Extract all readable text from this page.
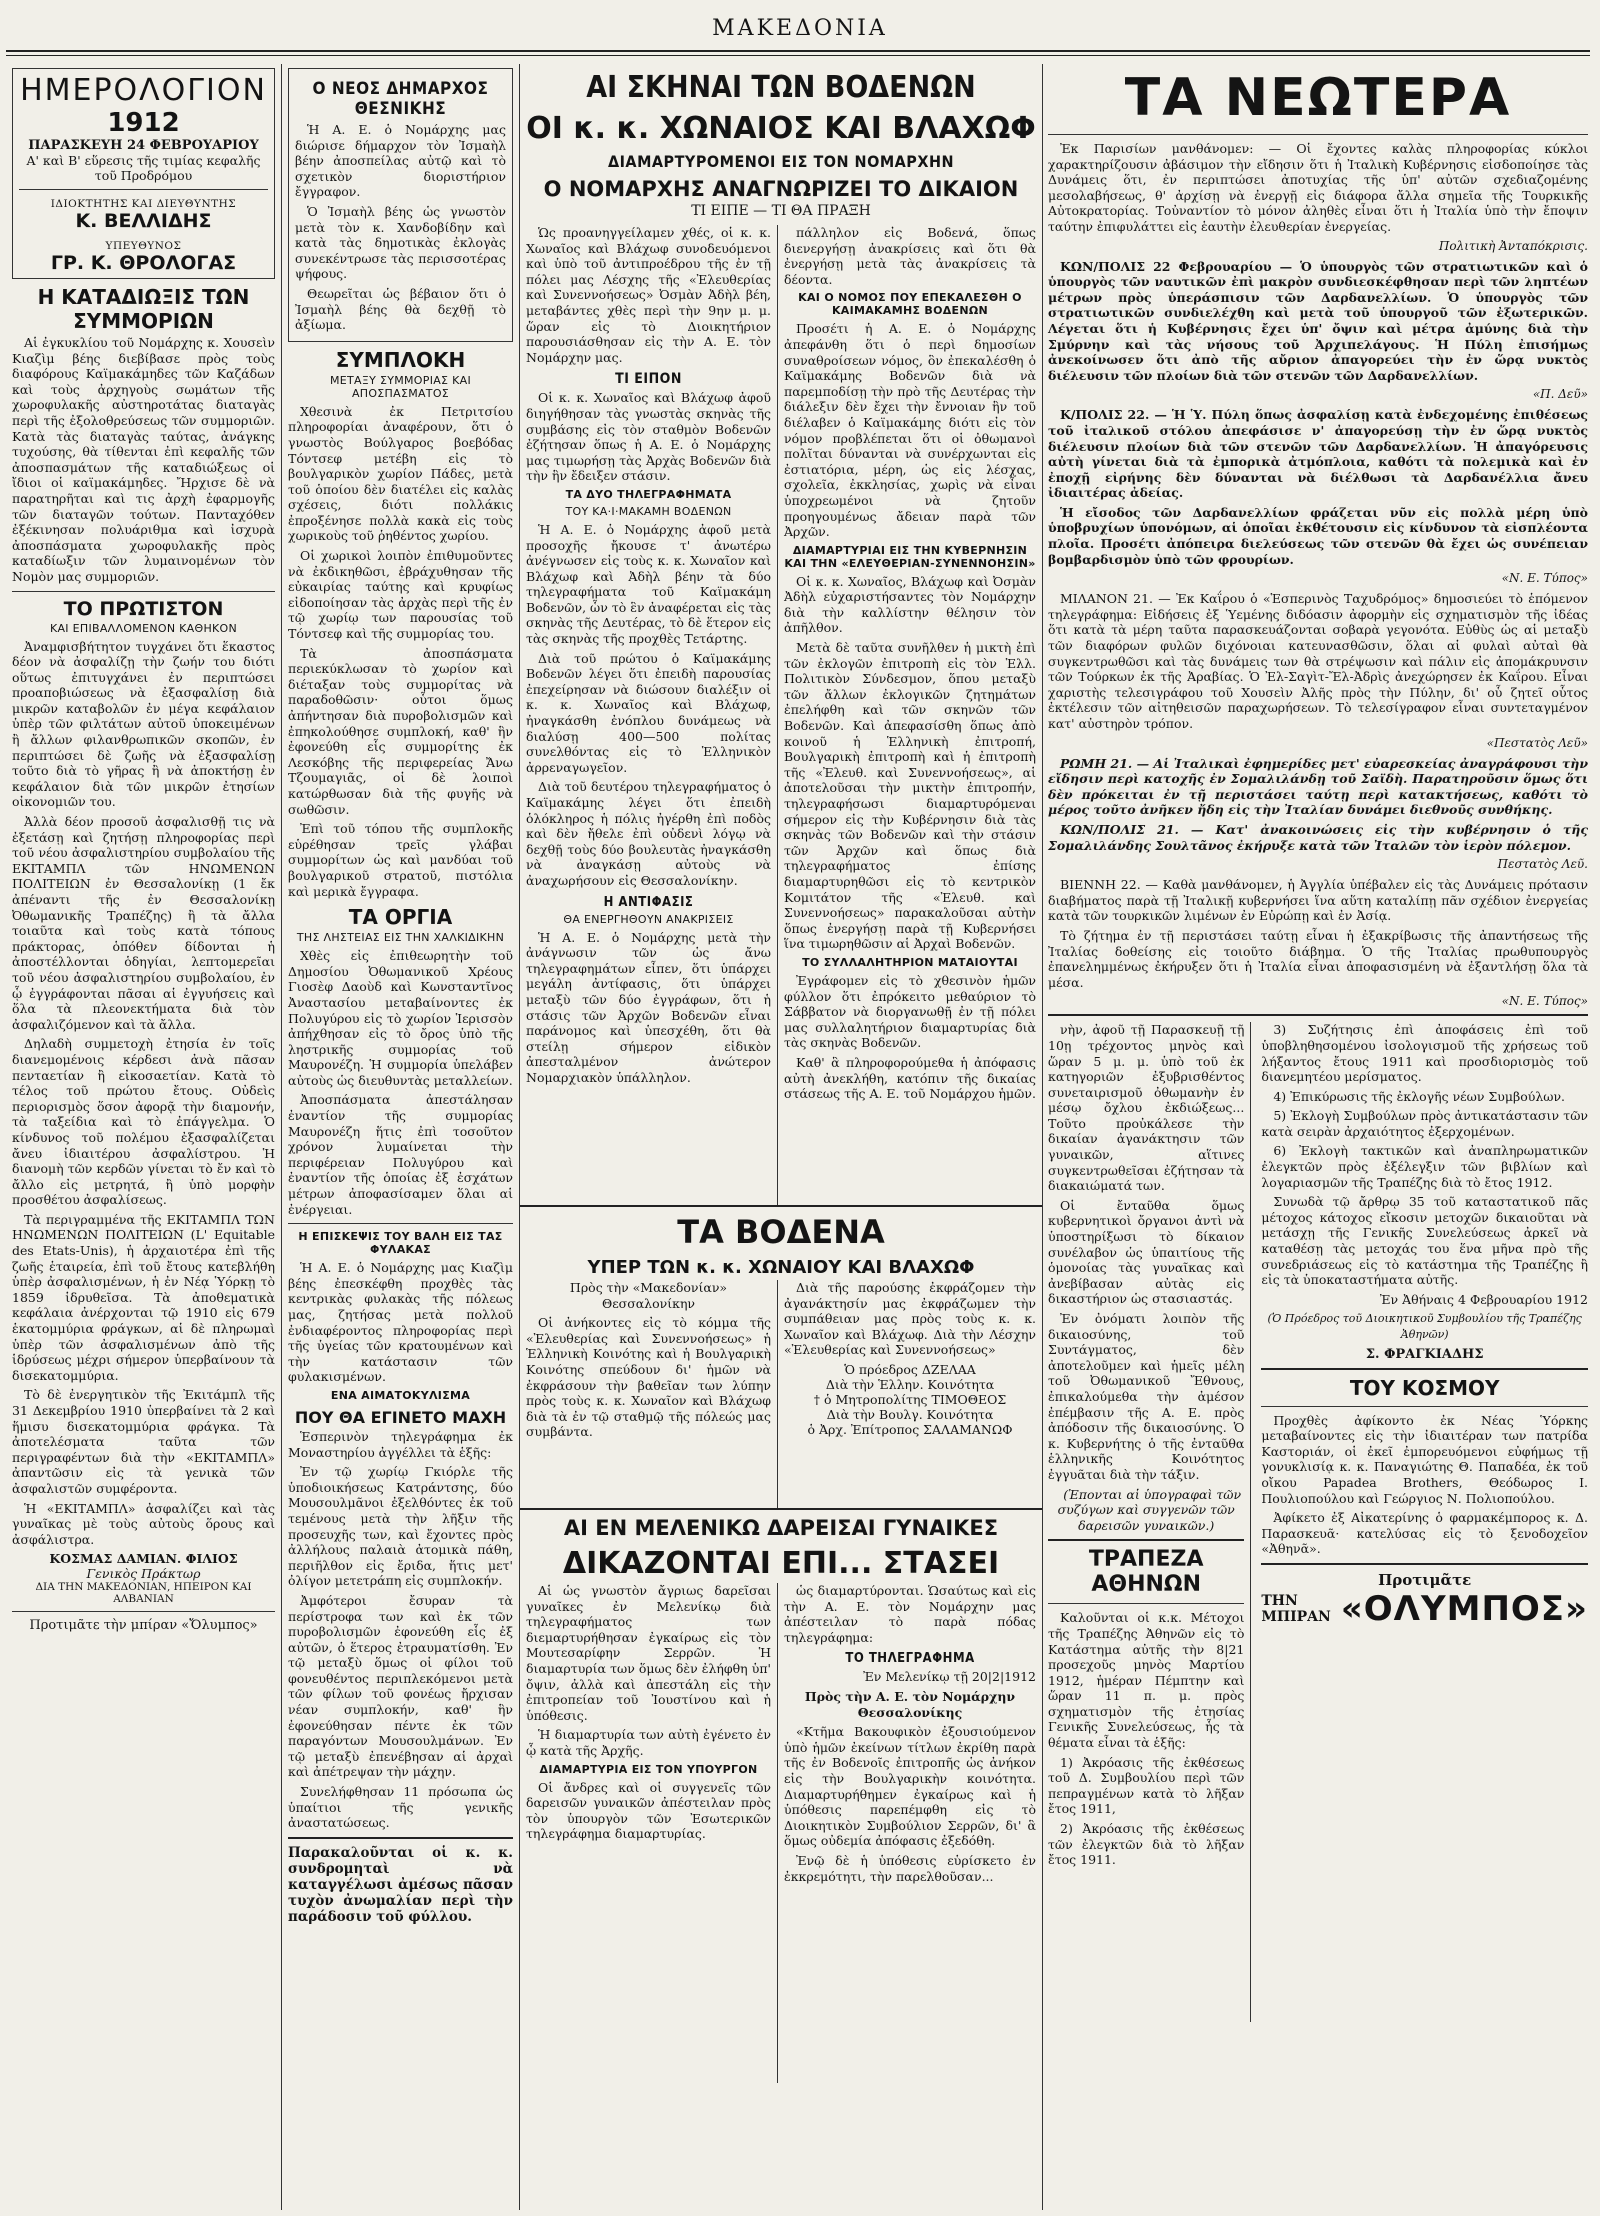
ΜΑΚΕΔΟΝΙΑ
ΗΜΕΡΟΛΟΓΙΟΝ
1912
ΠΑΡΑΣΚΕΥΗ 24 ΦΕΒΡΟΥΑΡΙΟΥ
Α' καὶ Β' εὕρεσις τῆς τιμίας κεφαλῆς τοῦ Προδρόμου
ΙΔΙΟΚΤΗΤΗΣ ΚΑΙ ΔΙΕΥΘΥΝΤΗΣ
Κ. ΒΕΛΛΙΔΗΣ
ΥΠΕΥΘΥΝΟΣ
ΓΡ. Κ. ΘΡΟΛΟΓΑΣ
Η ΚΑΤΑΔΙΩΞΙΣ ΤΩΝ ΣΥΜΜΟΡΙΩΝ

Αἱ ἐγκυκλίου τοῦ Νομάρχης κ. Χουσεὶν Κιαζὶμ βέης διεβίβασε πρὸς τοὺς διαφόρους Καϊμακάμηδες τῶν Καζάδων καὶ τοὺς ἀρχηγοὺς σωμάτων τῆς χωροφυλακῆς αὐστηροτάτας διαταγὰς περὶ τῆς ἐξολοθρεύσεως τῶν συμμοριῶν. Κατὰ τὰς διαταγὰς ταύτας, ἀνάγκης τυχούσης, θὰ τίθενται ἐπὶ κεφαλῆς τῶν ἀποσπασμάτων τῆς καταδιώξεως οἱ ἴδιοι οἱ καϊμακάμηδες. Ἤρχισε δὲ νὰ παρατηρῆται καὶ τις ἀρχὴ ἐφαρμογῆς τῶν διαταγῶν τούτων. Πανταχόθεν ἐξέκινησαν πολυάριθμα καὶ ἰσχυρὰ ἀποσπάσματα χωροφυλακῆς πρὸς καταδίωξιν τῶν λυμαινομένων τὸν Νομὸν μας συμμοριῶν.

ΤΟ ΠΡΩΤΙΣΤΟΝ
ΚΑΙ ΕΠΙΒΑΛΛΟΜΕΝΟΝ ΚΑΘΗΚΟΝ

Ἀναμφισβήτητον τυγχάνει ὅτι ἕκαστος δέον νὰ ἀσφαλίζῃ τὴν ζωήν του διότι οὕτως ἐπιτυγχάνει ἐν περιπτώσει προαποβιώσεως νὰ ἐξασφαλίσῃ διὰ μικρῶν καταβολῶν ἐν μέγα κεφάλαιον ὑπὲρ τῶν φιλτάτων αὐτοῦ ὑποκειμένων ἢ ἄλλων φιλανθρωπικῶν σκοπῶν, ἐν περιπτώσει δὲ ζωῆς νὰ ἐξασφαλίσῃ τοῦτο διὰ τὸ γῆρας ἢ νὰ ἀποκτήσῃ ἐν κεφάλαιον διὰ τῶν μικρῶν ἐτησίων οἰκονομιῶν του.

Ἀλλὰ δέον προσοῦ ἀσφαλισθῇ τις νὰ ἐξετάσῃ καὶ ζητήσῃ πληροφορίας περὶ τοῦ νέου ἀσφαλιστηρίου συμβολαίου τῆς ΕΚΙΤΑΜΠΛ τῶν ΗΝΩΜΕΝΩΝ ΠΟΛΙΤΕΙΩΝ ἐν Θεσσαλονίκῃ (1 ἔκ ἀπέναντι τῆς ἐν Θεσσαλονίκῃ Ὀθωμανικῆς Τραπέζης) ἢ τὰ ἄλλα τοιαῦτα καὶ τοὺς κατὰ τόπους πράκτορας, ὁπόθεν δίδονται ἡ ἀποστέλλονται ὁδηγίαι, λεπτομερεῖαι τοῦ νέου ἀσφαλιστηρίου συμβολαίου, ἐν ᾧ ἐγγράφονται πᾶσαι αἱ ἐγγυήσεις καὶ ὅλα τὰ πλεονεκτήματα διὰ τὸν ἀσφαλιζόμενον καὶ τὰ ἄλλα.

Δηλαδὴ συμμετοχὴ ἐτησία ἐν τοῖς διανεμομένοις κέρδεσι ἀνὰ πᾶσαν πενταετίαν ἢ εἰκοσαετίαν. Κατὰ τὸ τέλος τοῦ πρώτου ἔτους. Οὐδεὶς περιορισμὸς ὅσον ἀφορᾷ τὴν διαμονήν, τὰ ταξείδια καὶ τὸ ἐπάγγελμα. Ὁ κίνδυνος τοῦ πολέμου ἐξασφαλίζεται ἄνευ ἰδιαιτέρου ἀσφαλίστρου. Ἡ διανομὴ τῶν κερδῶν γίνεται τὸ ἔν καὶ τὸ ἄλλο εἰς μετρητά, ἢ ὑπὸ μορφὴν προσθέτου ἀσφαλίσεως.

Τὰ περιγραμμένα τῆς ΕΚΙΤΑΜΠΛ ΤΩΝ ΗΝΩΜΕΝΩΝ ΠΟΛΙΤΕΙΩΝ (L' Equitable des Etats-Unis), ἡ ἀρχαιοτέρα ἐπὶ τῆς ζωῆς ἑταιρεία, ἐπὶ τοῦ ἔτους κατεβλήθη ὑπὲρ ἀσφαλισμένων, ἡ ἐν Νέᾳ Ὑόρκῃ τὸ 1859 ἱδρυθεῖσα. Τὰ ἀποθεματικὰ κεφάλαια ἀνέρχονται τῷ 1910 εἰς 679 ἑκατομμύρια φράγκων, αἱ δὲ πληρωμαὶ ὑπὲρ τῶν ἀσφαλισμένων ἀπὸ τῆς ἱδρύσεως μέχρι σήμερον ὑπερβαίνουν τὰ δισεκατομμύρια.

Τὸ δὲ ἐνεργητικὸν τῆς Ἐκιτάμπλ τῆς 31 Δεκεμβρίου 1910 ὑπερβαίνει τὰ 2 καὶ ἥμισυ δισεκατομμύρια φράγκα. Τὰ ἀποτελέσματα ταῦτα τῶν περιγραφέντων διὰ τὴν «ΕΚΙΤΑΜΠΛ» ἀπαντῶσιν εἰς τὰ γενικὰ τῶν ἀσφαλιστῶν συμφέροντα.

Ἡ «ΕΚΙΤΑΜΠΛ» ἀσφαλίζει καὶ τὰς γυναῖκας μὲ τοὺς αὐτοὺς ὅρους καὶ ἀσφάλιστρα.

ΚΟΣΜΑΣ ΔΑΜΙΑΝ. ΦΙΛΙΟΣ
Γενικὸς Πράκτωρ
ΔΙΑ ΤΗΝ ΜΑΚΕΔΟΝΙΑΝ, ΗΠΕΙΡΟΝ ΚΑΙ ΑΛΒΑΝΙΑΝ
Προτιμᾶτε τὴν μπίραν «Ὄλυμπος»
Ο ΝΕΟΣ ΔΗΜΑΡΧΟΣ ΘΕΣΝΙΚΗΣ

Ἡ Α. Ε. ὁ Νομάρχης μας διώρισε δήμαρχον τὸν Ἰσμαὴλ βέην ἀποσπείλας αὐτῷ καὶ τὸ σχετικὸν διοριστήριον ἔγγραφον.

Ὁ Ἰσμαὴλ βέης ὡς γνωστὸν μετὰ τὸν κ. Χανδοβίδην καὶ κατὰ τὰς δημοτικὰς ἐκλογὰς συνεκέντρωσε τὰς περισσοτέρας ψήφους.

Θεωρεῖται ὡς βέβαιον ὅτι ὁ Ἰσμαὴλ βέης θὰ δεχθῇ τὸ ἀξίωμα.

ΣΥΜΠΛΟΚΗ
ΜΕΤΑΞΥ ΣΥΜΜΟΡΙΑΣ ΚΑΙ ΑΠΟΣΠΑΣΜΑΤΟΣ

Χθεσινὰ ἐκ Πετριτσίου πληροφορίαι ἀναφέρουν, ὅτι ὁ γνωστὸς Βούλγαρος βοεβόδας Τόντσεφ μετέβη εἰς τὸ βουλγαρικὸν χωρίον Πάδες, μετὰ τοῦ ὁποίου δὲν διατέλει εἰς καλὰς σχέσεις, διότι πολλάκις ἐπροξένησε πολλὰ κακὰ εἰς τοὺς χωρικοὺς τοῦ ῥηθέντος χωρίου.

Οἱ χωρικοὶ λοιπὸν ἐπιθυμοῦντες νὰ ἐκδικηθῶσι, ἐβράχυθησαν τῆς εὐκαιρίας ταύτης καὶ κρυφίως εἰδοποίησαν τὰς ἀρχὰς περὶ τῆς ἐν τῷ χωρίῳ των παρουσίας τοῦ Τόντσεφ καὶ τῆς συμμορίας του.

Τὰ ἀποσπάσματα περιεκύκλωσαν τὸ χωρίον καὶ διέταξαν τοὺς συμμορίτας νὰ παραδοθῶσιν· οὗτοι ὅμως ἀπήντησαν διὰ πυροβολισμῶν καὶ ἐπηκολούθησε συμπλοκή, καθ' ἣν ἐφονεύθη εἷς συμμορίτης ἐκ Λεσκόβης τῆς περιφερείας Ἄνω Τζουμαγιᾶς, οἱ δὲ λοιποὶ κατώρθωσαν διὰ τῆς φυγῆς νὰ σωθῶσιν.

Ἐπὶ τοῦ τόπου τῆς συμπλοκῆς εὑρέθησαν τρεῖς γλάβαι συμμορίτων ὡς καὶ μανδύαι τοῦ βουλγαρικοῦ στρατοῦ, πιστόλια καὶ μερικὰ ἔγγραφα.

ΤΑ ΟΡΓΙΑ
ΤΗΣ ΛΗΣΤΕΙΑΣ ΕΙΣ ΤΗΝ ΧΑΛΚΙΔΙΚΗΝ

Χθὲς εἰς ἐπιθεωρητὴν τοῦ Δημοσίου Ὀθωμανικοῦ Χρέους Γιοσὲφ Δαοὺδ καὶ Κωνσταντῖνος Ἀναστασίου μεταβαίνοντες ἐκ Πολυγύρου εἰς τὸ χωρίον Ἱερισσὸν ἀπήχθησαν εἰς τὸ ὄρος ὑπὸ τῆς ληστρικῆς συμμορίας τοῦ Μαυρονέζη. Ἡ συμμορία ὑπελάβεν αὐτοὺς ὡς διευθυντὰς μεταλλείων.

Ἀποσπάσματα ἀπεστάλησαν ἐναντίον τῆς συμμορίας Μαυρονέζη ἥτις ἐπὶ τοσοῦτον χρόνον λυμαίνεται τὴν περιφέρειαν Πολυγύρου καὶ ἐναντίον τῆς ὁποίας ἐξ ἐσχάτων μέτρων ἀποφασίσαμεν ὅλαι αἱ ἐνέργειαι.

Η ΕΠΙΣΚΕΨΙΣ ΤΟΥ ΒΑΛΗ ΕΙΣ ΤΑΣ ΦΥΛΑΚΑΣ

Ἡ Α. Ε. ὁ Νομάρχης μας Κιαζὶμ βέης ἐπεσκέφθη προχθὲς τὰς κεντρικὰς φυλακὰς τῆς πόλεως μας, ζητήσας μετὰ πολλοῦ ἐνδιαφέροντος πληροφορίας περὶ τῆς ὑγείας τῶν κρατουμένων καὶ τὴν κατάστασιν τῶν φυλακισμένων.

ΕΝΑ ΑΙΜΑΤΟΚΥΛΙΣΜΑ
ΠΟΥ ΘΑ ΕΓΙΝΕΤΟ ΜΑΧΗ

Ἑσπερινὸν τηλεγράφημα ἐκ Μοναστηρίου ἀγγέλλει τὰ ἑξῆς:

Ἐν τῷ χωρίῳ Γκιόρλε τῆς ὑποδιοικήσεως Κατράντσης, δύο Μουσουλμᾶνοι ἐξελθόντες ἐκ τοῦ τεμένους μετὰ τὴν λῆξιν τῆς προσευχῆς των, καὶ ἔχοντες πρὸς ἀλλήλους παλαιὰ ἀτομικὰ πάθη, περιῆλθον εἰς ἔριδα, ἥτις μετ' ὀλίγον μετετράπη εἰς συμπλοκήν.

Ἀμφότεροι ἔσυραν τὰ περίστροφα των καὶ ἐκ τῶν πυροβολισμῶν ἐφονεύθη εἷς ἐξ αὐτῶν, ὁ ἕτερος ἐτραυματίσθη. Ἐν τῷ μεταξὺ ὅμως οἱ φίλοι τοῦ φονευθέντος περιπλεκόμενοι μετὰ τῶν φίλων τοῦ φονέως ἤρχισαν νέαν συμπλοκήν, καθ' ἣν ἐφονεύθησαν πέντε ἐκ τῶν παραγόντων Μουσουλμάνων. Ἐν τῷ μεταξὺ ἐπενέβησαν αἱ ἀρχαὶ καὶ ἀπέτρεψαν τὴν μάχην.

Συνελήφθησαν 11 πρόσωπα ὡς ὑπαίτιοι τῆς γενικῆς ἀναστατώσεως.

Παρακαλοῦνται οἱ κ. κ. συνδρομηταὶ νὰ καταγγέλωσι ἀμέσως πᾶσαν τυχὸν ἀνωμαλίαν περὶ τὴν παράδοσιν τοῦ φύλλου.

ΑΙ ΣΚΗΝΑΙ ΤΩΝ ΒΟΔΕΝΩΝ
ΟΙ κ. κ. ΧΩΝΑΙΟΣ ΚΑΙ ΒΛΑΧΩΦ
ΔΙΑΜΑΡΤΥΡΟΜΕΝΟΙ ΕΙΣ ΤΟΝ ΝΟΜΑΡΧΗΝ
Ο ΝΟΜΑΡΧΗΣ ΑΝΑΓΝΩΡΙΖΕΙ ΤΟ ΔΙΚΑΙΟΝ
ΤΙ ΕΙΠΕ — ΤΙ ΘΑ ΠΡΑΞΗ

Ὡς προανηγγείλαμεν χθές, οἱ κ. κ. Χωναῖος καὶ Βλάχωφ συνοδευόμενοι καὶ ὑπὸ τοῦ ἀντιπροέδρου τῆς ἐν τῇ πόλει μας Λέσχης τῆς «Ἐλευθερίας καὶ Συνεννοήσεως» Ὀσμὰν Ἀδὴλ βέη, μεταβάντες χθὲς περὶ τὴν 9ην μ. μ. ὥραν εἰς τὸ Διοικητήριον παρουσιάσθησαν εἰς τὴν Α. Ε. τὸν Νομάρχην μας.

ΤΙ ΕΙΠΟΝ

Οἱ κ. κ. Χωναῖος καὶ Βλάχωφ ἀφοῦ διηγήθησαν τὰς γνωστὰς σκηνὰς τῆς συμβάσης εἰς τὸν σταθμὸν Βοδενῶν ἐζήτησαν ὅπως ἡ Α. Ε. ὁ Νομάρχης μας τιμωρήσῃ τὰς Ἀρχὰς Βοδενῶν διὰ τὴν ἣν ἔδειξεν στάσιν.

ΤΑ ΔΥΟ ΤΗΛΕΓΡΑΦΗΜΑΤΑ
ΤΟΥ ΚΑ·Ι·ΜΑΚΑΜΗ ΒΟΔΕΝΩΝ

Ἡ Α. Ε. ὁ Νομάρχης ἀφοῦ μετὰ προσοχῆς ἤκουσε τ' ἀνωτέρω ἀνέγνωσεν εἰς τοὺς κ. κ. Χωναῖον καὶ Βλάχωφ καὶ Ἀδὴλ βέην τὰ δύο τηλεγραφήματα τοῦ Καϊμακάμη Βοδενῶν, ὧν τὸ ἓν ἀναφέρεται εἰς τὰς σκηνὰς τῆς Δευτέρας, τὸ δὲ ἕτερον εἰς τὰς σκηνὰς τῆς προχθὲς Τετάρτης.

Διὰ τοῦ πρώτου ὁ Καϊμακάμης Βοδενῶν λέγει ὅτι ἐπειδὴ παρουσίας ἐπεχείρησαν νὰ διώσουν διαλέξιν οἱ κ. κ. Χωναῖος καὶ Βλάχωφ, ἠναγκάσθη ἐνόπλου δυνάμεως νὰ διαλύσῃ 400—500 πολίτας συνελθόντας εἰς τὸ Ἑλληνικὸν ἀρρεναγωγεῖον.

Διὰ τοῦ δευτέρου τηλεγραφήματος ὁ Καϊμακάμης λέγει ὅτι ἐπειδὴ ὁλόκληρος ἡ πόλις ἠγέρθη ἐπὶ ποδὸς καὶ δὲν ἤθελε ἐπὶ οὐδενὶ λόγῳ νὰ δεχθῇ τοὺς δύο βουλευτὰς ἠναγκάσθη νὰ ἀναγκάσῃ αὐτοὺς νὰ ἀναχωρήσουν εἰς Θεσσαλονίκην.

Η ΑΝΤΙΦΑΣΙΣ
ΘΑ ΕΝΕΡΓΗΘΟΥΝ ΑΝΑΚΡΙΣΕΙΣ

Ἡ Α. Ε. ὁ Νομάρχης μετὰ τὴν ἀνάγνωσιν τῶν ὡς ἄνω τηλεγραφημάτων εἶπεν, ὅτι ὑπάρχει μεγάλη ἀντίφασις, ὅτι ὑπάρχει μεταξὺ τῶν δύο ἐγγράφων, ὅτι ἡ στάσις τῶν Ἀρχῶν Βοδενῶν εἶναι παράνομος καὶ ὑπεσχέθη, ὅτι θὰ στείλῃ σήμερον εἰδικὸν ἀπεσταλμένον ἀνώτερον Νομαρχιακὸν ὑπάλληλον.

πάλληλον εἰς Βοδενά, ὅπως διενεργήσῃ ἀνακρίσεις καὶ ὅτι θὰ ἐνεργήσῃ μετὰ τὰς ἀνακρίσεις τὰ δέοντα.

ΚΑΙ Ο ΝΟΜΟΣ ΠΟΥ ΕΠΕΚΑΛΕΣΘΗ Ο ΚΑΙΜΑΚΑΜΗΣ ΒΟΔΕΝΩΝ

Προσέτι ἡ Α. Ε. ὁ Νομάρχης ἀπεφάνθη ὅτι ὁ περὶ δημοσίων συναθροίσεων νόμος, ὃν ἐπεκαλέσθη ὁ Καϊμακάμης Βοδενῶν διὰ νὰ παρεμποδίσῃ τὴν πρὸ τῆς Δευτέρας τὴν διάλεξιν δὲν ἔχει τὴν ἔννοιαν ἣν τοῦ διέλαβεν ὁ Καϊμακάμης διότι εἰς τὸν νόμον προβλέπεται ὅτι οἱ ὀθωμανοὶ πολῖται δύνανται νὰ συνέρχωνται εἰς ἐστιατόρια, μέρη, ὡς εἰς λέσχας, σχολεῖα, ἐκκλησίας, χωρὶς νὰ εἶναι ὑποχρεωμένοι νὰ ζητοῦν προηγουμένως ἄδειαν παρὰ τῶν Ἀρχῶν.

ΔΙΑΜΑΡΤΥΡΙΑΙ ΕΙΣ ΤΗΝ ΚΥΒΕΡΝΗΣΙΝ ΚΑΙ ΤΗΝ «ΕΛΕΥΘΕΡΙΑΝ-ΣΥΝΕΝΝΟΗΣΙΝ»

Οἱ κ. κ. Χωναῖος, Βλάχωφ καὶ Ὀσμὰν Ἀδὴλ εὐχαριστήσαντες τὸν Νομάρχην διὰ τὴν καλλίστην θέλησιν τὸν ἀπῆλθον.

Μετὰ δὲ ταῦτα συνῆλθεν ἡ μικτὴ ἐπὶ τῶν ἐκλογῶν ἐπιτροπὴ εἰς τὸν Ἑλλ. Πολιτικὸν Σύνδεσμον, ὅπου μεταξὺ τῶν ἄλλων ἐκλογικῶν ζητημάτων ἐπελήφθη καὶ τῶν σκηνῶν τῶν Βοδενῶν. Καὶ ἀπεφασίσθη ὅπως ἀπὸ κοινοῦ ἡ Ἑλληνικὴ ἐπιτροπή, Βουλγαρικὴ ἐπιτροπὴ καὶ ἡ ἐπιτροπὴ τῆς «Ἐλευθ. καὶ Συνεννοήσεως», αἱ ἀποτελοῦσαι τὴν μικτὴν ἐπιτροπήν, τηλεγραφήσωσι διαμαρτυρόμεναι σήμερον εἰς τὴν Κυβέρνησιν διὰ τὰς σκηνὰς τῶν Βοδενῶν καὶ τὴν στάσιν τῶν Ἀρχῶν καὶ ὅπως διὰ τηλεγραφήματος ἐπίσης διαμαρτυρηθῶσι εἰς τὸ κεντρικὸν Κομιτάτον τῆς «Ἐλευθ. καὶ Συνεννοήσεως» παρακαλοῦσαι αὐτὴν ὅπως ἐνεργήσῃ παρὰ τῇ Κυβερνήσει ἵνα τιμωρηθῶσιν αἱ Ἀρχαὶ Βοδενῶν.

ΤΟ ΣΥΛΛΑΛΗΤΗΡΙΟΝ ΜΑΤΑΙΟΥΤΑΙ

Ἐγράφομεν εἰς τὸ χθεσινὸν ἡμῶν φύλλον ὅτι ἐπρόκειτο μεθαύριον τὸ Σάββατον νὰ διοργανωθῇ ἐν τῇ πόλει μας συλλαλητήριον διαμαρτυρίας διὰ τὰς σκηνὰς Βοδενῶν.

Καθ' ἃ πληροφορούμεθα ἡ ἀπόφασις αὐτὴ ἀνεκλήθη, κατόπιν τῆς δικαίας στάσεως τῆς Α. Ε. τοῦ Νομάρχου ἡμῶν.

ΤΑ ΒΟΔΕΝΑ
ΥΠΕΡ ΤΩΝ κ. κ. ΧΩΝΑΙΟΥ ΚΑΙ ΒΛΑΧΩΦ

Πρὸς τὴν «Μακεδονίαν» Θεσσαλονίκην

Οἱ ἀνήκοντες εἰς τὸ κόμμα τῆς «Ἐλευθερίας καὶ Συνεννοήσεως» ἡ Ἑλληνικὴ Κοινότης καὶ ἡ Βουλγαρικὴ Κοινότης σπεύδουν δι' ἡμῶν νὰ ἐκφράσουν τὴν βαθεῖαν των λύπην πρὸς τοὺς κ. κ. Χωναῖον καὶ Βλάχωφ διὰ τὰ ἐν τῷ σταθμῷ τῆς πόλεώς μας συμβάντα.

Διὰ τῆς παρούσης ἐκφράζομεν τὴν ἀγανάκτησίν μας ἐκφράζωμεν τὴν συμπάθειαν μας πρὸς τοὺς κ. κ. Χωναῖον καὶ Βλάχωφ. Διὰ τὴν Λέσχην «Ἐλευθερίας καὶ Συνεννοήσεως»

Ὁ πρόεδρος ΔΖΕΛΑΑ
Διὰ τὴν Ἑλλην. Κοινότητα
† ὁ Μητροπολίτης ΤΙΜΟΘΕΟΣ
Διὰ τὴν Βουλγ. Κοινότητα
ὁ Ἀρχ. Ἐπίτροπος ΣΑΛΑΜΑΝΩΦ
ΑΙ ΕΝ ΜΕΛΕΝΙΚΩ ΔΑΡΕΙΣΑΙ ΓΥΝΑΙΚΕΣ
ΔΙΚΑΖΟΝΤΑΙ ΕΠΙ... ΣΤΑΣΕΙ

Αἱ ὡς γνωστὸν ἄγριως δαρεῖσαι γυναῖκες ἐν Μελενίκῳ διὰ τηλεγραφήματος των διεμαρτυρήθησαν ἐγκαίρως εἰς τὸν Μουτεσαρίφην Σερρῶν. Ἡ διαμαρτυρία των ὅμως δὲν ἐλήφθη ὑπ' ὄψιν, ἀλλὰ καὶ ἀπεστάλη εἰς τὴν ἐπιτροπείαν τοῦ Ἰουστίνου καὶ ἡ ὑπόθεσις.

Ἡ διαμαρτυρία των αὐτὴ ἐγένετο ἐν ᾧ κατὰ τῆς Ἀρχῆς.

ΔΙΑΜΑΡΤΥΡΙΑ ΕΙΣ ΤΟΝ ΥΠΟΥΡΓΟΝ

Οἱ ἄνδρες καὶ οἱ συγγενεῖς τῶν δαρεισῶν γυναικῶν ἀπέστειλαν πρὸς τὸν ὑπουργὸν τῶν Ἐσωτερικῶν τηλεγράφημα διαμαρτυρίας.

ὡς διαμαρτύρονται. Ὡσαύτως καὶ εἰς τὴν Α. Ε. τὸν Νομάρχην μας ἀπέστειλαν τὸ παρὰ πόδας τηλεγράφημα:

ΤΟ ΤΗΛΕΓΡΑΦΗΜΑ

Ἐν Μελενίκῳ τῇ 20|2|1912

Πρὸς τὴν Α. Ε. τὸν Νομάρχην Θεσσαλονίκης

«Κτῆμα Βακουφικὸν ἐξουσιούμενον ὑπὸ ἡμῶν ἐκείνων τίτλων ἐκρίθη παρὰ τῆς ἐν Βοδενοῖς ἐπιτροπῆς ὡς ἀνήκον εἰς τὴν Βουλγαρικὴν κοινότητα. Διαμαρτυρήθημεν ἐγκαίρως καὶ ἡ ὑπόθεσις παρεπέμφθη εἰς τὸ Διοικητικὸν Συμβούλιον Σερρῶν, δι' ἃ ὅμως οὐδεμία ἀπόφασις ἐξεδόθη.

Ἐνῷ δὲ ἡ ὑπόθεσις εὑρίσκετο ἐν ἐκκρεμότητι, τὴν παρελθοῦσαν...

ΤΑ ΝΕΩΤΕΡΑ

Ἐκ Παρισίων μανθάνομεν: — Οἱ ἔχοντες καλὰς πληροφορίας κύκλοι χαρακτηρίζουσιν ἀβάσιμον τὴν εἴδησιν ὅτι ἡ Ἰταλικὴ Κυβέρνησις εἰσδοποίησε τὰς Δυνάμεις ὅτι, ἐν περιπτώσει ἀποτυχίας τῆς ὑπ' αὐτῶν σχεδιαζομένης μεσολαβήσεως, θ' ἀρχίσῃ νὰ ἐνεργῇ εἰς διάφορα ἄλλα σημεῖα τῆς Τουρκικῆς Αὐτοκρατορίας. Τοὐναντίον τὸ μόνον ἀληθὲς εἶναι ὅτι ἡ Ἰταλία ὑπὸ τὴν ἔποψιν ταύτην ἐπιφυλάττει εἰς ἑαυτὴν ἐλευθερίαν ἐνεργείας.

Πολιτικὴ Ἀνταπόκρισις.

ΚΩΝ/ΠΟΛΙΣ 22 Φεβρουαρίου — Ὁ ὑπουργὸς τῶν στρατιωτικῶν καὶ ὁ ὑπουργὸς τῶν ναυτικῶν ἐπὶ μακρὸν συνδιεσκέφθησαν περὶ τῶν ληπτέων μέτρων πρὸς ὑπεράσπισιν τῶν Δαρδανελλίων. Ὁ ὑπουργὸς τῶν στρατιωτικῶν συνδιελέχθη καὶ μετὰ τοῦ ὑπουργοῦ τῶν ἐξωτερικῶν. Λέγεται ὅτι ἡ Κυβέρνησις ἔχει ὑπ' ὄψιν καὶ μέτρα ἀμύνης διὰ τὴν Σμύρνην καὶ τὰς νήσους τοῦ Ἀρχιπελάγους. Ἡ Πύλη ἐπισήμως ἀνεκοίνωσεν ὅτι ἀπὸ τῆς αὔριον ἀπαγορεύει τὴν ἐν ὥρᾳ νυκτὸς διέλευσιν τῶν πλοίων διὰ τῶν στενῶν τῶν Δαρδανελλίων.

«Π. Δεῦ»

Κ/ΠΟΛΙΣ 22. — Ἡ Ὑ. Πύλη ὅπως ἀσφαλίσῃ κατὰ ἐνδεχομένης ἐπιθέσεως τοῦ ἰταλικοῦ στόλου ἀπεφάσισε ν' ἀπαγορεύσῃ τὴν ἐν ὥρᾳ νυκτὸς διέλευσιν πλοίων διὰ τῶν στενῶν τῶν Δαρδανελλίων. Ἡ ἀπαγόρευσις αὐτὴ γίνεται διὰ τὰ ἐμπορικὰ ἀτμόπλοια, καθότι τὰ πολεμικὰ καὶ ἐν ἐποχῇ εἰρήνης δὲν δύνανται νὰ διέλθωσι τὰ Δαρδανέλλια ἄνευ ἰδιαιτέρας ἀδείας.

Ἡ εἴσοδος τῶν Δαρδανελλίων φράζεται νῦν εἰς πολλὰ μέρη ὑπὸ ὑποβρυχίων ὑπονόμων, αἱ ὁποῖαι ἐκθέτουσιν εἰς κίνδυνον τὰ εἰσπλέοντα πλοῖα. Προσέτι ἀπόπειρα διελεύσεως τῶν στενῶν θὰ ἔχει ὡς συνέπειαν βομβαρδισμὸν ὑπὸ τῶν φρουρίων.

«Ν. Ε. Τύπος»

ΜΙΛΑΝΟΝ 21. — Ἐκ Καΐρου ὁ «Ἑσπερινὸς Ταχυδρόμος» δημοσιεύει τὸ ἑπόμενον τηλεγράφημα: Εἰδήσεις ἐξ Ὑεμένης διδόασιν ἀφορμὴν εἰς σχηματισμὸν τῆς ἰδέας ὅτι κατὰ τὰ μέρη ταῦτα παρασκευάζονται σοβαρὰ γεγονότα. Εὐθὺς ὡς αἱ μεταξὺ τῶν διαφόρων φυλῶν διχόνοιαι κατευνασθῶσιν, ὅλαι αἱ φυλαὶ αὐταὶ θὰ συγκεντρωθῶσι καὶ τὰς δυνάμεις των θὰ στρέψωσιν καὶ πάλιν εἰς ἀπομάκρυνσιν τῶν Τούρκων ἐκ τῆς Ἀραβίας. Ὁ Ἐλ-Σαγὶτ-Ἔλ-Ἀδρὶς ἀνεχώρησεν ἐκ Καΐρου. Εἶναι χαριστὴς τελεσιγράφου τοῦ Χουσεὶν Ἀλῆς πρὸς τὴν Πύλην, δι' οὗ ζητεῖ οὗτος ἐκτέλεσιν τῶν αἰτηθεισῶν παραχωρήσεων. Τὸ τελεσίγραφον εἶναι συντεταγμένον κατ' αὐστηρὸν τρόπον.

«Πεστατὸς Λεῦ»

ΡΩΜΗ 21. — Αἱ Ἰταλικαὶ ἐφημερίδες μετ' εὐαρεσκείας ἀναγράφουσι τὴν εἴδησιν περὶ κατοχῆς ἐν Σομαλιλάνδῃ τοῦ Σαϊδὴ. Παρατηροῦσιν ὅμως ὅτι δὲν πρόκειται ἐν τῇ περιστάσει ταύτῃ περὶ κατακτήσεως, καθότι τὸ μέρος τοῦτο ἀνῆκεν ἤδη εἰς τὴν Ἰταλίαν δυνάμει διεθνοῦς συνθήκης.

ΚΩΝ/ΠΟΛΙΣ 21. — Κατ' ἀνακοινώσεις εἰς τὴν κυβέρνησιν ὁ τῆς Σομαλιλάνδης Σουλτᾶνος ἐκήρυξε κατὰ τῶν Ἰταλῶν τὸν ἱερὸν πόλεμον.

Πεστατὸς Λεῦ.

ΒΙΕΝΝΗ 22. — Καθὰ μανθάνομεν, ἡ Ἀγγλία ὑπέβαλεν εἰς τὰς Δυνάμεις πρότασιν διαβήματος παρὰ τῇ Ἰταλικῇ κυβερνήσει ἵνα αὕτη καταλίπῃ πᾶν σχέδιον ἐνεργείας κατὰ τῶν τουρκικῶν λιμένων ἐν Εὐρώπῃ καὶ ἐν Ἀσίᾳ.

Τὸ ζήτημα ἐν τῇ περιστάσει ταύτῃ εἶναι ἡ ἐξακρίβωσις τῆς ἀπαντήσεως τῆς Ἰταλίας δοθείσης εἰς τοιοῦτο διάβημα. Ὁ τῆς Ἰταλίας πρωθυπουργὸς ἐπανελημμένως ἐκήρυξεν ὅτι ἡ Ἰταλία εἶναι ἀποφασισμένη νὰ ἐξαντλήσῃ ὅλα τὰ μέσα.

«Ν. Ε. Τύπος»

νὴν, ἀφοῦ τῇ Παρασκευῇ τῇ 10ῃ τρέχοντος μηνὸς καὶ ὥραν 5 μ. μ. ὑπὸ τοῦ ἐκ κατηγοριῶν ἐξυβρισθέντος συνεταιρισμοῦ ὀθωμανὴν ἐν μέσῳ ὄχλου ἐκδιώξεως... Τοῦτο προὐκάλεσε τὴν δικαίαν ἀγανάκτησιν τῶν γυναικῶν, αἵτινες συγκεντρωθεῖσαι ἐζήτησαν τὰ διακαιώματά των.

Οἱ ἔνταῦθα ὅμως κυβερνητικοὶ ὄργανοι ἀντὶ νὰ ὑποστηρίξωσι τὸ δίκαιον συνέλαβον ὡς ὑπαιτίους τῆς ὁμονοίας τὰς γυναῖκας καὶ ἀνεβίβασαν αὐτὰς εἰς δικαστήριον ὡς στασιαστάς.

Ἐν ὀνόματι λοιπὸν τῆς δικαιοσύνης, τοῦ Συντάγματος, δὲν ἀποτελοῦμεν καὶ ἡμεῖς μέλη τοῦ Ὀθωμανικοῦ Ἔθνους, ἐπικαλούμεθα τὴν ἀμέσον ἐπέμβασιν τῆς Α. Ε. πρὸς ἀπόδοσιν τῆς δικαιοσύνης. Ὁ κ. Κυβερνήτης ὁ τῆς ἐνταῦθα ἑλληνικῆς Κοινότητος ἐγγυᾶται διὰ τὴν τάξιν.

(Ἐπονται αἱ ὑπογραφαὶ τῶν συζύγων καὶ συγγενῶν τῶν δαρεισῶν γυναικῶν.)

ΤΡΑΠΕΖΑ ΑΘΗΝΩΝ

Καλοῦνται οἱ κ.κ. Μέτοχοι τῆς Τραπέζης Ἀθηνῶν εἰς τὸ Κατάστημα αὐτῆς τὴν 8|21 προσεχοῦς μηνὸς Μαρτίου 1912, ἡμέραν Πέμπτην καὶ ὥραν 11 π. μ. πρὸς σχηματισμὸν τῆς ἐτησίας Γενικῆς Συνελεύσεως, ἧς τὰ θέματα εἶναι τὰ ἑξῆς:

1) Ἀκρόασις τῆς ἐκθέσεως τοῦ Δ. Συμβουλίου περὶ τῶν πεπραγμένων κατὰ τὸ λῆξαν ἔτος 1911,

2) Ἀκρόασις τῆς ἐκθέσεως τῶν ἐλεγκτῶν διὰ τὸ λῆξαν ἔτος 1911.

3) Συζήτησις ἐπὶ ἀποφάσεις ἐπὶ τοῦ ὑποβληθησομένου ἰσολογισμοῦ τῆς χρήσεως τοῦ λήξαντος ἔτους 1911 καὶ προσδιορισμὸς τοῦ διανεμητέου μερίσματος.

4) Ἐπικύρωσις τῆς ἐκλογῆς νέων Συμβούλων.

5) Ἐκλογὴ Συμβούλων πρὸς ἀντικατάστασιν τῶν κατὰ σειρὰν ἀρχαιότητος ἐξερχομένων.

6) Ἐκλογὴ τακτικῶν καὶ ἀναπληρωματικῶν ἐλεγκτῶν πρὸς ἐξέλεγξιν τῶν βιβλίων καὶ λογαριασμῶν τῆς Τραπέζης διὰ τὸ ἔτος 1912.

Συνωδὰ τῷ ἄρθρῳ 35 τοῦ καταστατικοῦ πᾶς μέτοχος κάτοχος εἴκοσιν μετοχῶν δικαιοῦται νὰ μετάσχῃ τῆς Γενικῆς Συνελεύσεως ἀρκεῖ νὰ καταθέσῃ τὰς μετοχάς του ἕνα μῆνα πρὸ τῆς συνεδριάσεως εἰς τὸ κατάστημα τῆς Τραπέζης ἢ εἰς τὰ ὑποκαταστήματα αὐτῆς.

Ἐν Ἀθήναις 4 Φεβρουαρίου 1912

(Ὁ Πρόεδρος τοῦ Διοικητικοῦ Συμβουλίου τῆς Τραπέζης Ἀθηνῶν)

Σ. ΦΡΑΓΚΙΑΔΗΣ
ΤΟΥ ΚΟΣΜΟΥ

Προχθὲς ἀφίκοντο ἐκ Νέας Ὑόρκης μεταβαίνοντες εἰς τὴν ἰδιαιτέραν των πατρίδα Καστοριάν, οἱ ἐκεῖ ἐμπορευόμενοι εὐφήμως τῇ γονυκλισίᾳ κ. κ. Παναγιώτης Θ. Παπαδέα, ἐκ τοῦ οἴκου Papadea Brothers, Θεόδωρος Ι. Πουλιοπούλου καὶ Γεώργιος Ν. Πολιοπούλου.

Ἀφίκετο ἐξ Αἰκατερίνης ὁ φαρμακέμπορος κ. Δ. Παρασκευᾶ· κατελύσας εἰς τὸ ξενοδοχεῖον «Ἀθηνᾶ».

Προτιμᾶτε
ΤΗΝ ΜΠΙΡΑΝ «ΟΛΥΜΠΟΣ»
